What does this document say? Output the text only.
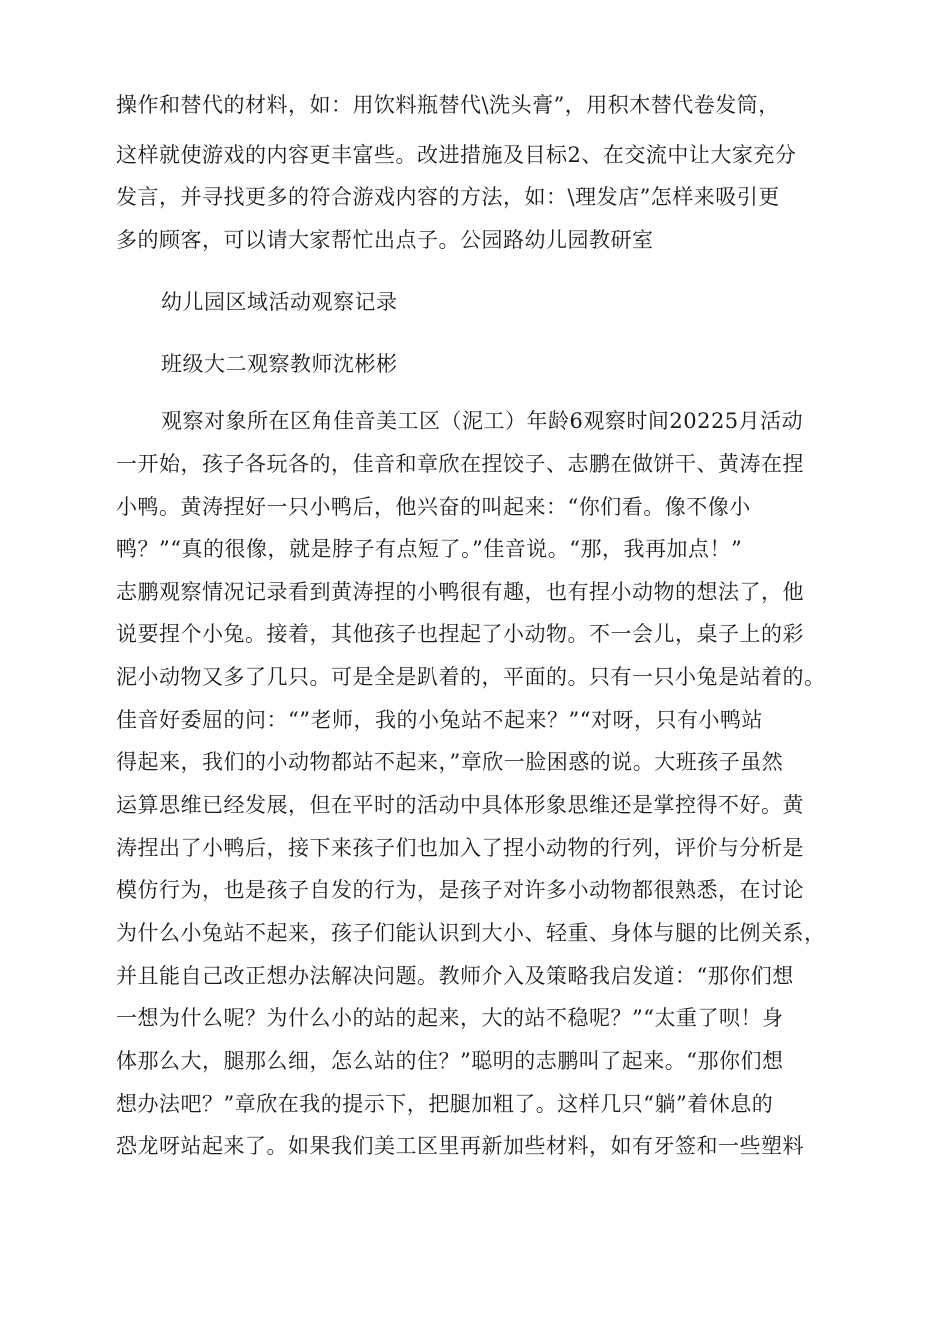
操作和替代的材料，如：用饮料瓶替代\洗头膏”，用积木替代卷发筒，
这样就使游戏的内容更丰富些。改进措施及目标2、在交流中让大家充分
发言，并寻找更多的符合游戏内容的方法，如：\理发店”怎样来吸引更
多的顾客，可以请大家帮忙出点子。公园路幼儿园教研室
幼儿园区域活动观察记录
班级大二观察教师沈彬彬
观察对象所在区角佳音美工区（泥工）年龄6观察时间20225月活动
一开始，孩子各玩各的，佳音和章欣在捏饺子、志鹏在做饼干、黄涛在捏
小鸭。黄涛捏好一只小鸭后，他兴奋的叫起来：“你们看。像不像小
鸭？”“真的很像，就是脖子有点短了。”佳音说。“那，我再加点！”
志鹏观察情况记录看到黄涛捏的小鸭很有趣，也有捏小动物的想法了，他
说要捏个小兔。接着，其他孩子也捏起了小动物。不一会儿，桌子上的彩
泥小动物又多了几只。可是全是趴着的，平面的。只有一只小兔是站着的。
佳音好委屈的问：“”老师，我的小兔站不起来？”“对呀，只有小鸭站
得起来，我们的小动物都站不起来，”章欣一脸困惑的说。大班孩子虽然
运算思维已经发展，但在平时的活动中具体形象思维还是掌控得不好。黄
涛捏出了小鸭后，接下来孩子们也加入了捏小动物的行列，评价与分析是
模仿行为，也是孩子自发的行为，是孩子对许多小动物都很熟悉，在讨论
为什么小兔站不起来，孩子们能认识到大小、轻重、身体与腿的比例关系，
并且能自己改正想办法解决问题。教师介入及策略我启发道：“那你们想
一想为什么呢？为什么小的站的起来，大的站不稳呢？”“太重了呗！身
体那么大，腿那么细，怎么站的住？”聪明的志鹏叫了起来。“那你们想
想办法吧？”章欣在我的提示下，把腿加粗了。这样几只“躺”着休息的
恐龙呀站起来了。如果我们美工区里再新加些材料，如有牙签和一些塑料
